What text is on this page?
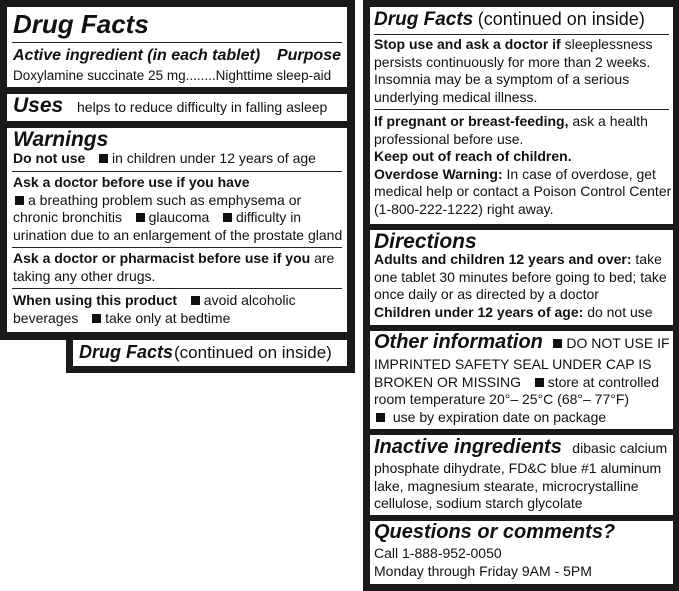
Drug Facts
Active ingredient (in each tablet) Purpose
Doxylamine succinate 25 mg........Nighttime sleep-aid
Uses helps to reduce difficulty in falling asleep
Warnings
Do not use in children under 12 years of age
Ask a doctor before use if you have
a breathing problem such as emphysema or
chronic bronchitis glaucoma difficulty in
urination due to an enlargement of the prostate gland
Ask a doctor or pharmacist before use if you are
taking any other drugs.
When using this product avoid alcoholic
beverages take only at bedtime
Drug Facts (continued on inside)
Drug Facts (continued on inside)
Stop use and ask a doctor if sleeplessness
persists continuously for more than 2 weeks.
Insomnia may be a symptom of a serious
underlying medical illness.
If pregnant or breast-feeding, ask a health
professional before use.
Keep out of reach of children.
Overdose Warning: In case of overdose, get
medical help or contact a Poison Control Center
(1-800-222-1222) right away.
Directions
Adults and children 12 years and over: take
one tablet 30 minutes before going to bed; take
once daily or as directed by a doctor
Children under 12 years of age: do not use
Other information DO NOT USE IF
IMPRINTED SAFETY SEAL UNDER CAP IS
BROKEN OR MISSING store at controlled
room temperature 20°– 25°C (68°– 77°F)
use by expiration date on package
Inactive ingredients dibasic calcium
phosphate dihydrate, FD&C blue #1 aluminum
lake, magnesium stearate, microcrystalline
cellulose, sodium starch glycolate
Questions or comments?
Call 1-888-952-0050
Monday through Friday 9AM - 5PM
